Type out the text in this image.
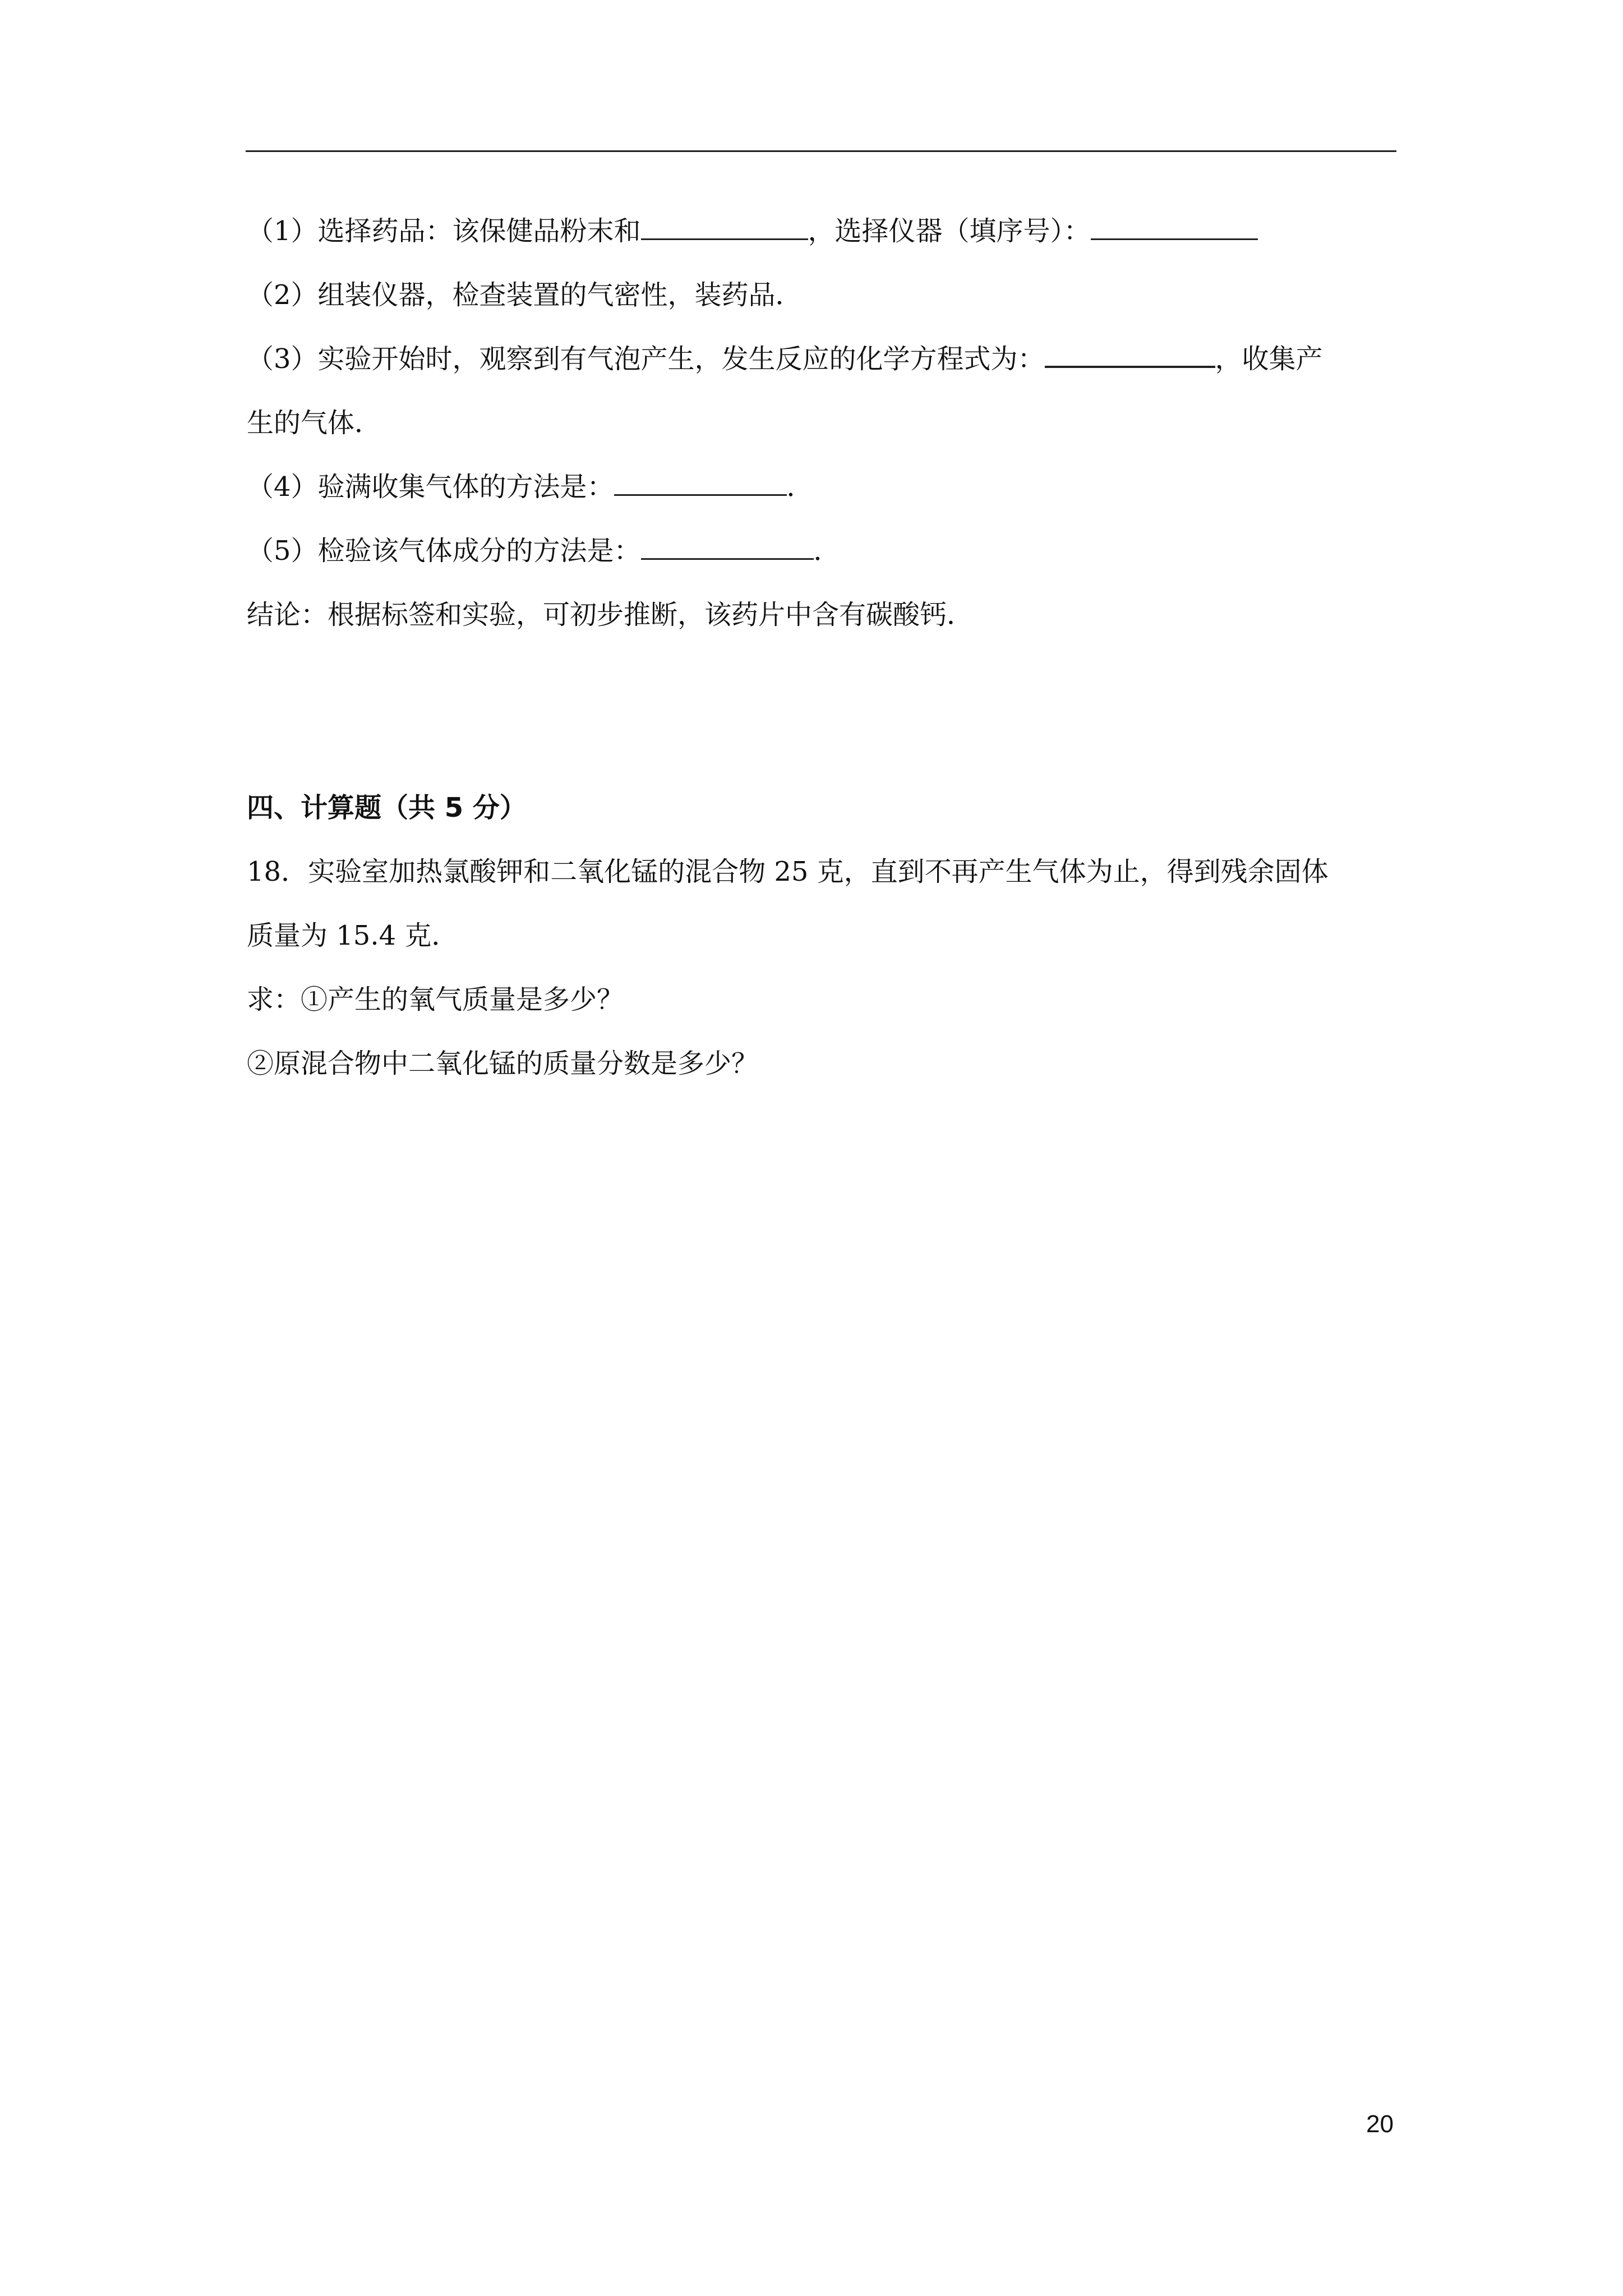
（1）选择药品：该保健品粉末和	，选择仪器（填序号）：
（2）组装仪器，检查装置的气密性，装药品．
（3）实验开始时，观察到有气泡产生，发生反应的化学方程式为：	，收集产
生的气体．
（4）验满收集气体的方法是：	．
（5）检验该气体成分的方法是：	．
结论：根据标签和实验，可初步推断，该药片中含有碳酸钙．
四、计算题（共 5 分）
18．实验室加热氯酸钾和二氧化锰的混合物 25 克，直到不再产生气体为止，得到残余固体
质量为 15.4 克．
求：①产生的氧气质量是多少？
②原混合物中二氧化锰的质量分数是多少？
20
